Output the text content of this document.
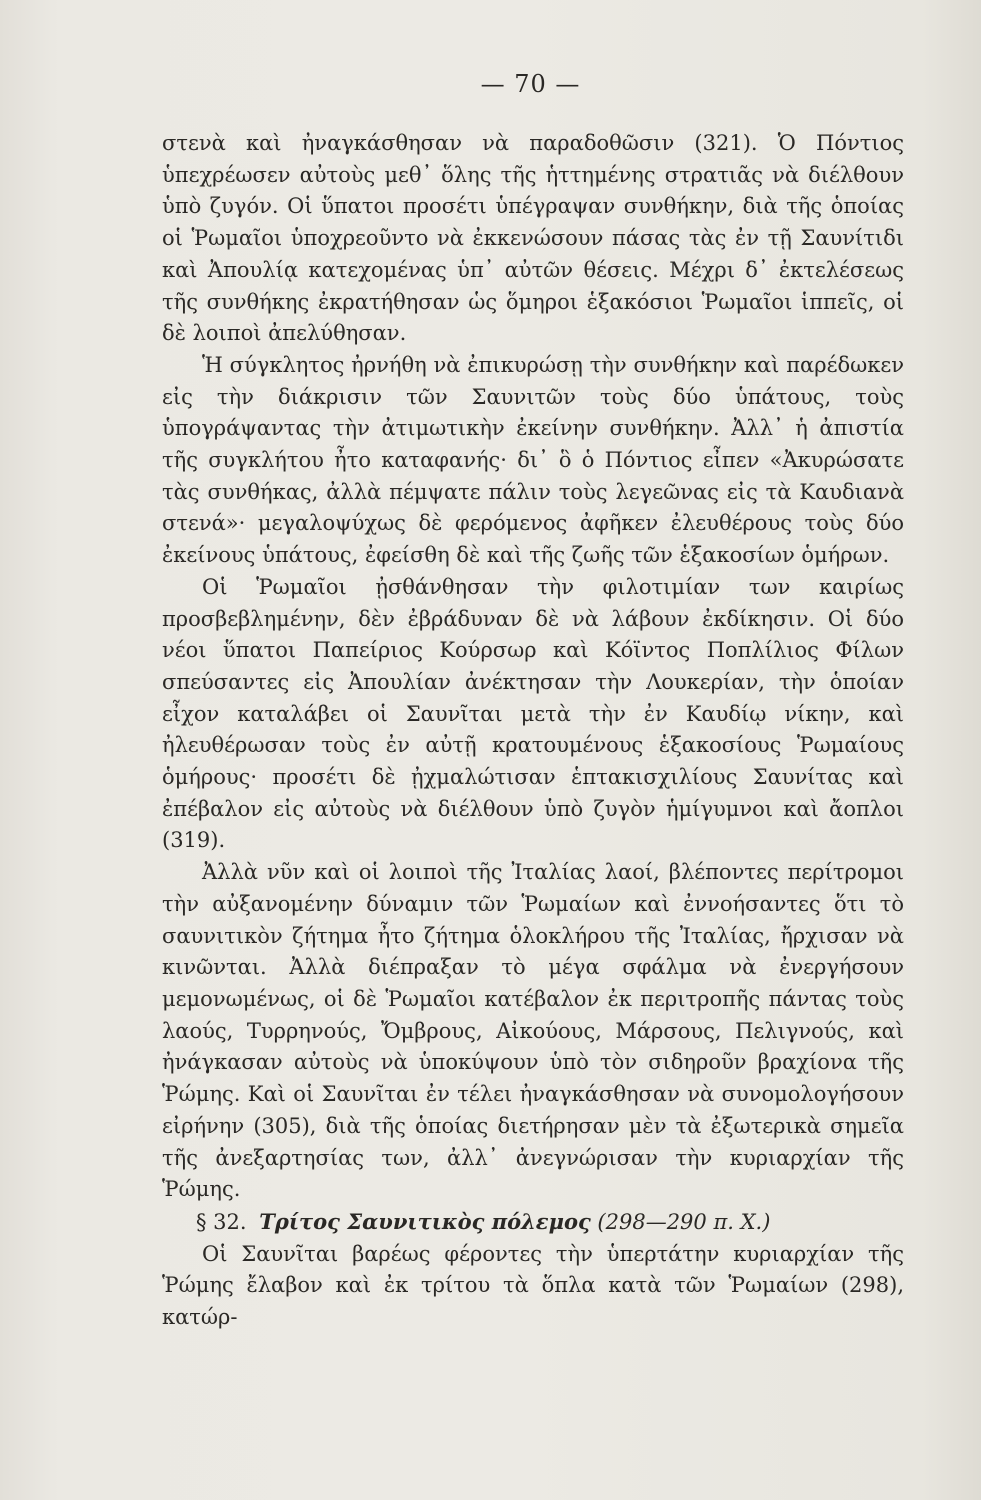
— 70 —

στενὰ καὶ ἠναγκάσθησαν νὰ παραδοθῶσιν (321). Ὁ Πόντιος ὑπεχρέωσεν αὐτοὺς μεθ᾽ ὅλης τῆς ἡττημένης στρατιᾶς νὰ διέλθουν ὑπὸ ζυγόν. Οἱ ὕπατοι προσέτι ὑπέγραψαν συνθήκην, διὰ τῆς ὁποίας οἱ Ῥωμαῖοι ὑποχρεοῦντο νὰ ἐκκενώσουν πάσας τὰς ἐν τῇ Σαυνίτιδι καὶ Ἀπουλίᾳ κατεχομένας ὑπ᾽ αὐτῶν θέσεις. Μέχρι δ᾽ ἐκτελέσεως τῆς συνθήκης ἐκρατήθησαν ὡς ὅμηροι ἑξακόσιοι Ῥωμαῖοι ἱππεῖς, οἱ δὲ λοιποὶ ἀπελύθησαν.

Ἡ σύγκλητος ἠρνήθη νὰ ἐπικυρώσῃ τὴν συνθήκην καὶ παρέδωκεν εἰς τὴν διάκρισιν τῶν Σαυνιτῶν τοὺς δύο ὑπάτους, τοὺς ὑπογράψαντας τὴν ἀτιμωτικὴν ἐκείνην συνθήκην. Ἀλλ᾽ ἡ ἀπιστία τῆς συγκλήτου ἦτο καταφανής· δι᾽ ὃ ὁ Πόντιος εἶπεν «Ἀκυρώσατε τὰς συνθήκας, ἀλλὰ πέμψατε πάλιν τοὺς λεγεῶνας εἰς τὰ Καυδιανὰ στενά»· μεγαλοψύχως δὲ φερόμενος ἀφῆκεν ἐλευθέρους τοὺς δύο ἐκείνους ὑπάτους, ἐφείσθη δὲ καὶ τῆς ζωῆς τῶν ἑξακοσίων ὁμήρων.

Οἱ Ῥωμαῖοι ᾐσθάνθησαν τὴν φιλοτιμίαν των καιρίως προσβεβλημένην, δὲν ἐβράδυναν δὲ νὰ λάβουν ἐκδίκησιν. Οἱ δύο νέοι ὕπατοι Παπείριος Κούρσωρ καὶ Κόϊντος Ποπλίλιος Φίλων σπεύσαντες εἰς Ἀπουλίαν ἀνέκτησαν τὴν Λουκερίαν, τὴν ὁποίαν εἶχον καταλάβει οἱ Σαυνῖται μετὰ τὴν ἐν Καυδίῳ νίκην, καὶ ἠλευθέρωσαν τοὺς ἐν αὐτῇ κρατουμένους ἑξακοσίους Ῥωμαίους ὁμήρους· προσέτι δὲ ᾐχμαλώτισαν ἑπτακισχιλίους Σαυνίτας καὶ ἐπέβαλον εἰς αὐτοὺς νὰ διέλθουν ὑπὸ ζυγὸν ἡμίγυμνοι καὶ ἄοπλοι (319).

Ἀλλὰ νῦν καὶ οἱ λοιποὶ τῆς Ἰταλίας λαοί, βλέποντες περίτρομοι τὴν αὐξανομένην δύναμιν τῶν Ῥωμαίων καὶ ἐννοήσαντες ὅτι τὸ σαυνιτικὸν ζήτημα ἦτο ζήτημα ὁλοκλήρου τῆς Ἰταλίας, ἤρχισαν νὰ κινῶνται. Ἀλλὰ διέπραξαν τὸ μέγα σφάλμα νὰ ἐνεργήσουν μεμονωμένως, οἱ δὲ Ῥωμαῖοι κατέβαλον ἐκ περιτροπῆς πάντας τοὺς λαούς, Τυρρηνούς, Ὄμβρους, Αἰκούους, Μάρσους, Πελιγνούς, καὶ ἠνάγκασαν αὐτοὺς νὰ ὑποκύψουν ὑπὸ τὸν σιδηροῦν βραχίονα τῆς Ῥώμης. Καὶ οἱ Σαυνῖται ἐν τέλει ἠναγκάσθησαν νὰ συνομολογήσουν εἰρήνην (305), διὰ τῆς ὁποίας διετήρησαν μὲν τὰ ἐξωτερικὰ σημεῖα τῆς ἀνεξαρτησίας των, ἀλλ᾽ ἀνεγνώρισαν τὴν κυριαρχίαν τῆς Ῥώμης.

§ 32. Τρίτος Σαυνιτικὸς πόλεμος (298—290 π. Χ.)

Οἱ Σαυνῖται βαρέως φέροντες τὴν ὑπερτάτην κυριαρχίαν τῆς Ῥώμης ἔλαβον καὶ ἐκ τρίτου τὰ ὅπλα κατὰ τῶν Ῥωμαίων (298), κατώρ-
